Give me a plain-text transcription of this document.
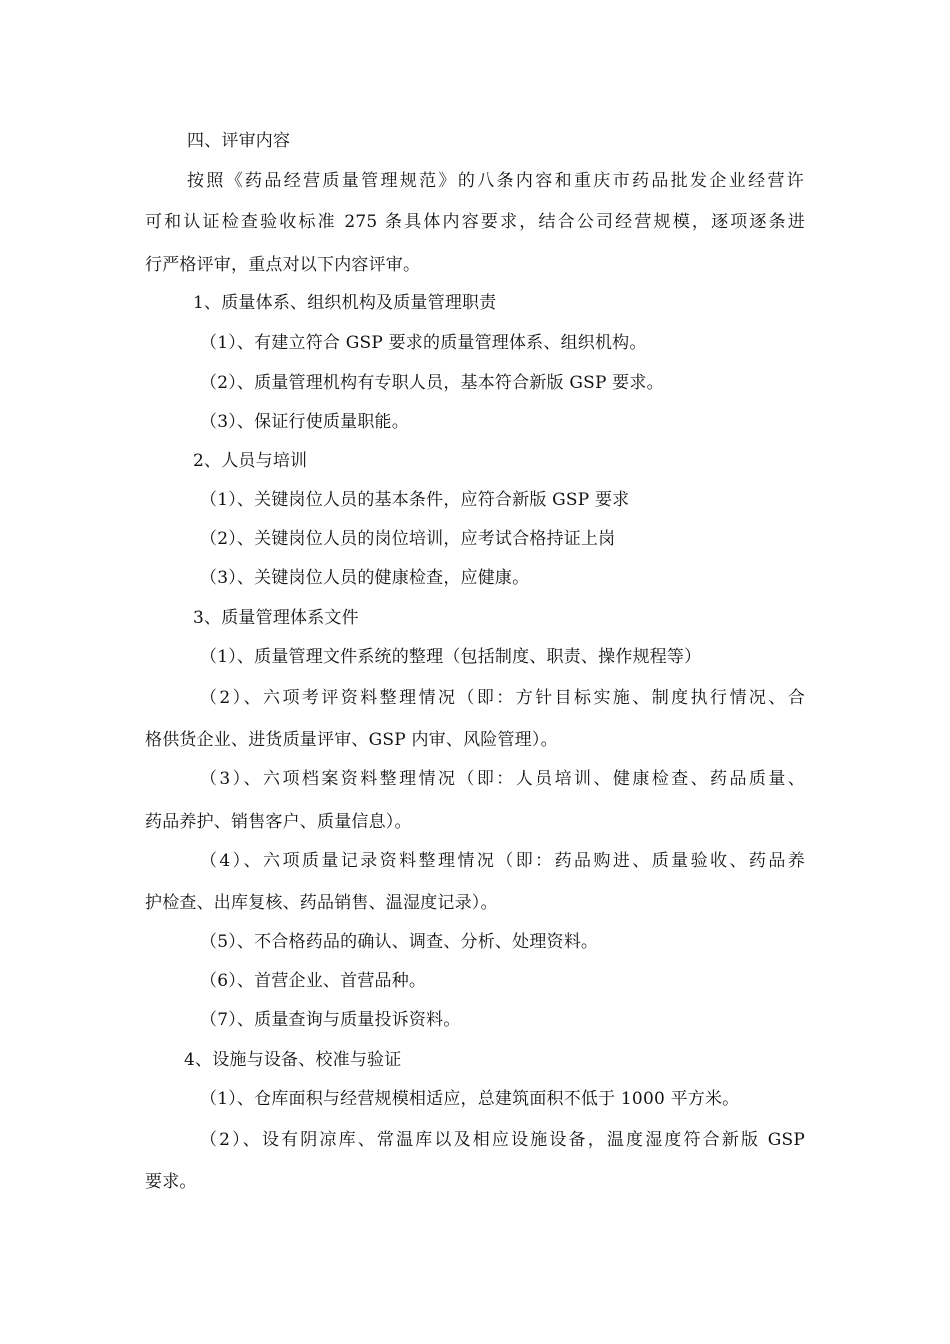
四、评审内容
按照《药品经营质量管理规范》的八条内容和重庆市药品批发企业经营许
可和认证检查验收标准 275 条具体内容要求，结合公司经营规模，逐项逐条进
行严格评审，重点对以下内容评审。
1、质量体系、组织机构及质量管理职责
（1）、有建立符合 GSP 要求的质量管理体系、组织机构。
（2）、质量管理机构有专职人员，基本符合新版 GSP 要求。
（3）、保证行使质量职能。
2、人员与培训
（1）、关键岗位人员的基本条件，应符合新版 GSP 要求
（2）、关键岗位人员的岗位培训，应考试合格持证上岗
（3）、关键岗位人员的健康检查，应健康。
3、质量管理体系文件
（1）、质量管理文件系统的整理（包括制度、职责、操作规程等）
（2）、六项考评资料整理情况（即：方针目标实施、制度执行情况、合
格供货企业、进货质量评审、GSP 内审、风险管理）。
（3）、六项档案资料整理情况（即：人员培训、健康检查、药品质量、
药品养护、销售客户、质量信息）。
（4）、六项质量记录资料整理情况（即：药品购进、质量验收、药品养
护检查、出库复核、药品销售、温湿度记录）。
（5）、不合格药品的确认、调查、分析、处理资料。
（6）、首营企业、首营品种。
（7）、质量查询与质量投诉资料。
4、设施与设备、校准与验证
（1）、仓库面积与经营规模相适应，总建筑面积不低于 1000 平方米。
（2）、设有阴凉库、常温库以及相应设施设备，温度湿度符合新版 GSP
要求。
